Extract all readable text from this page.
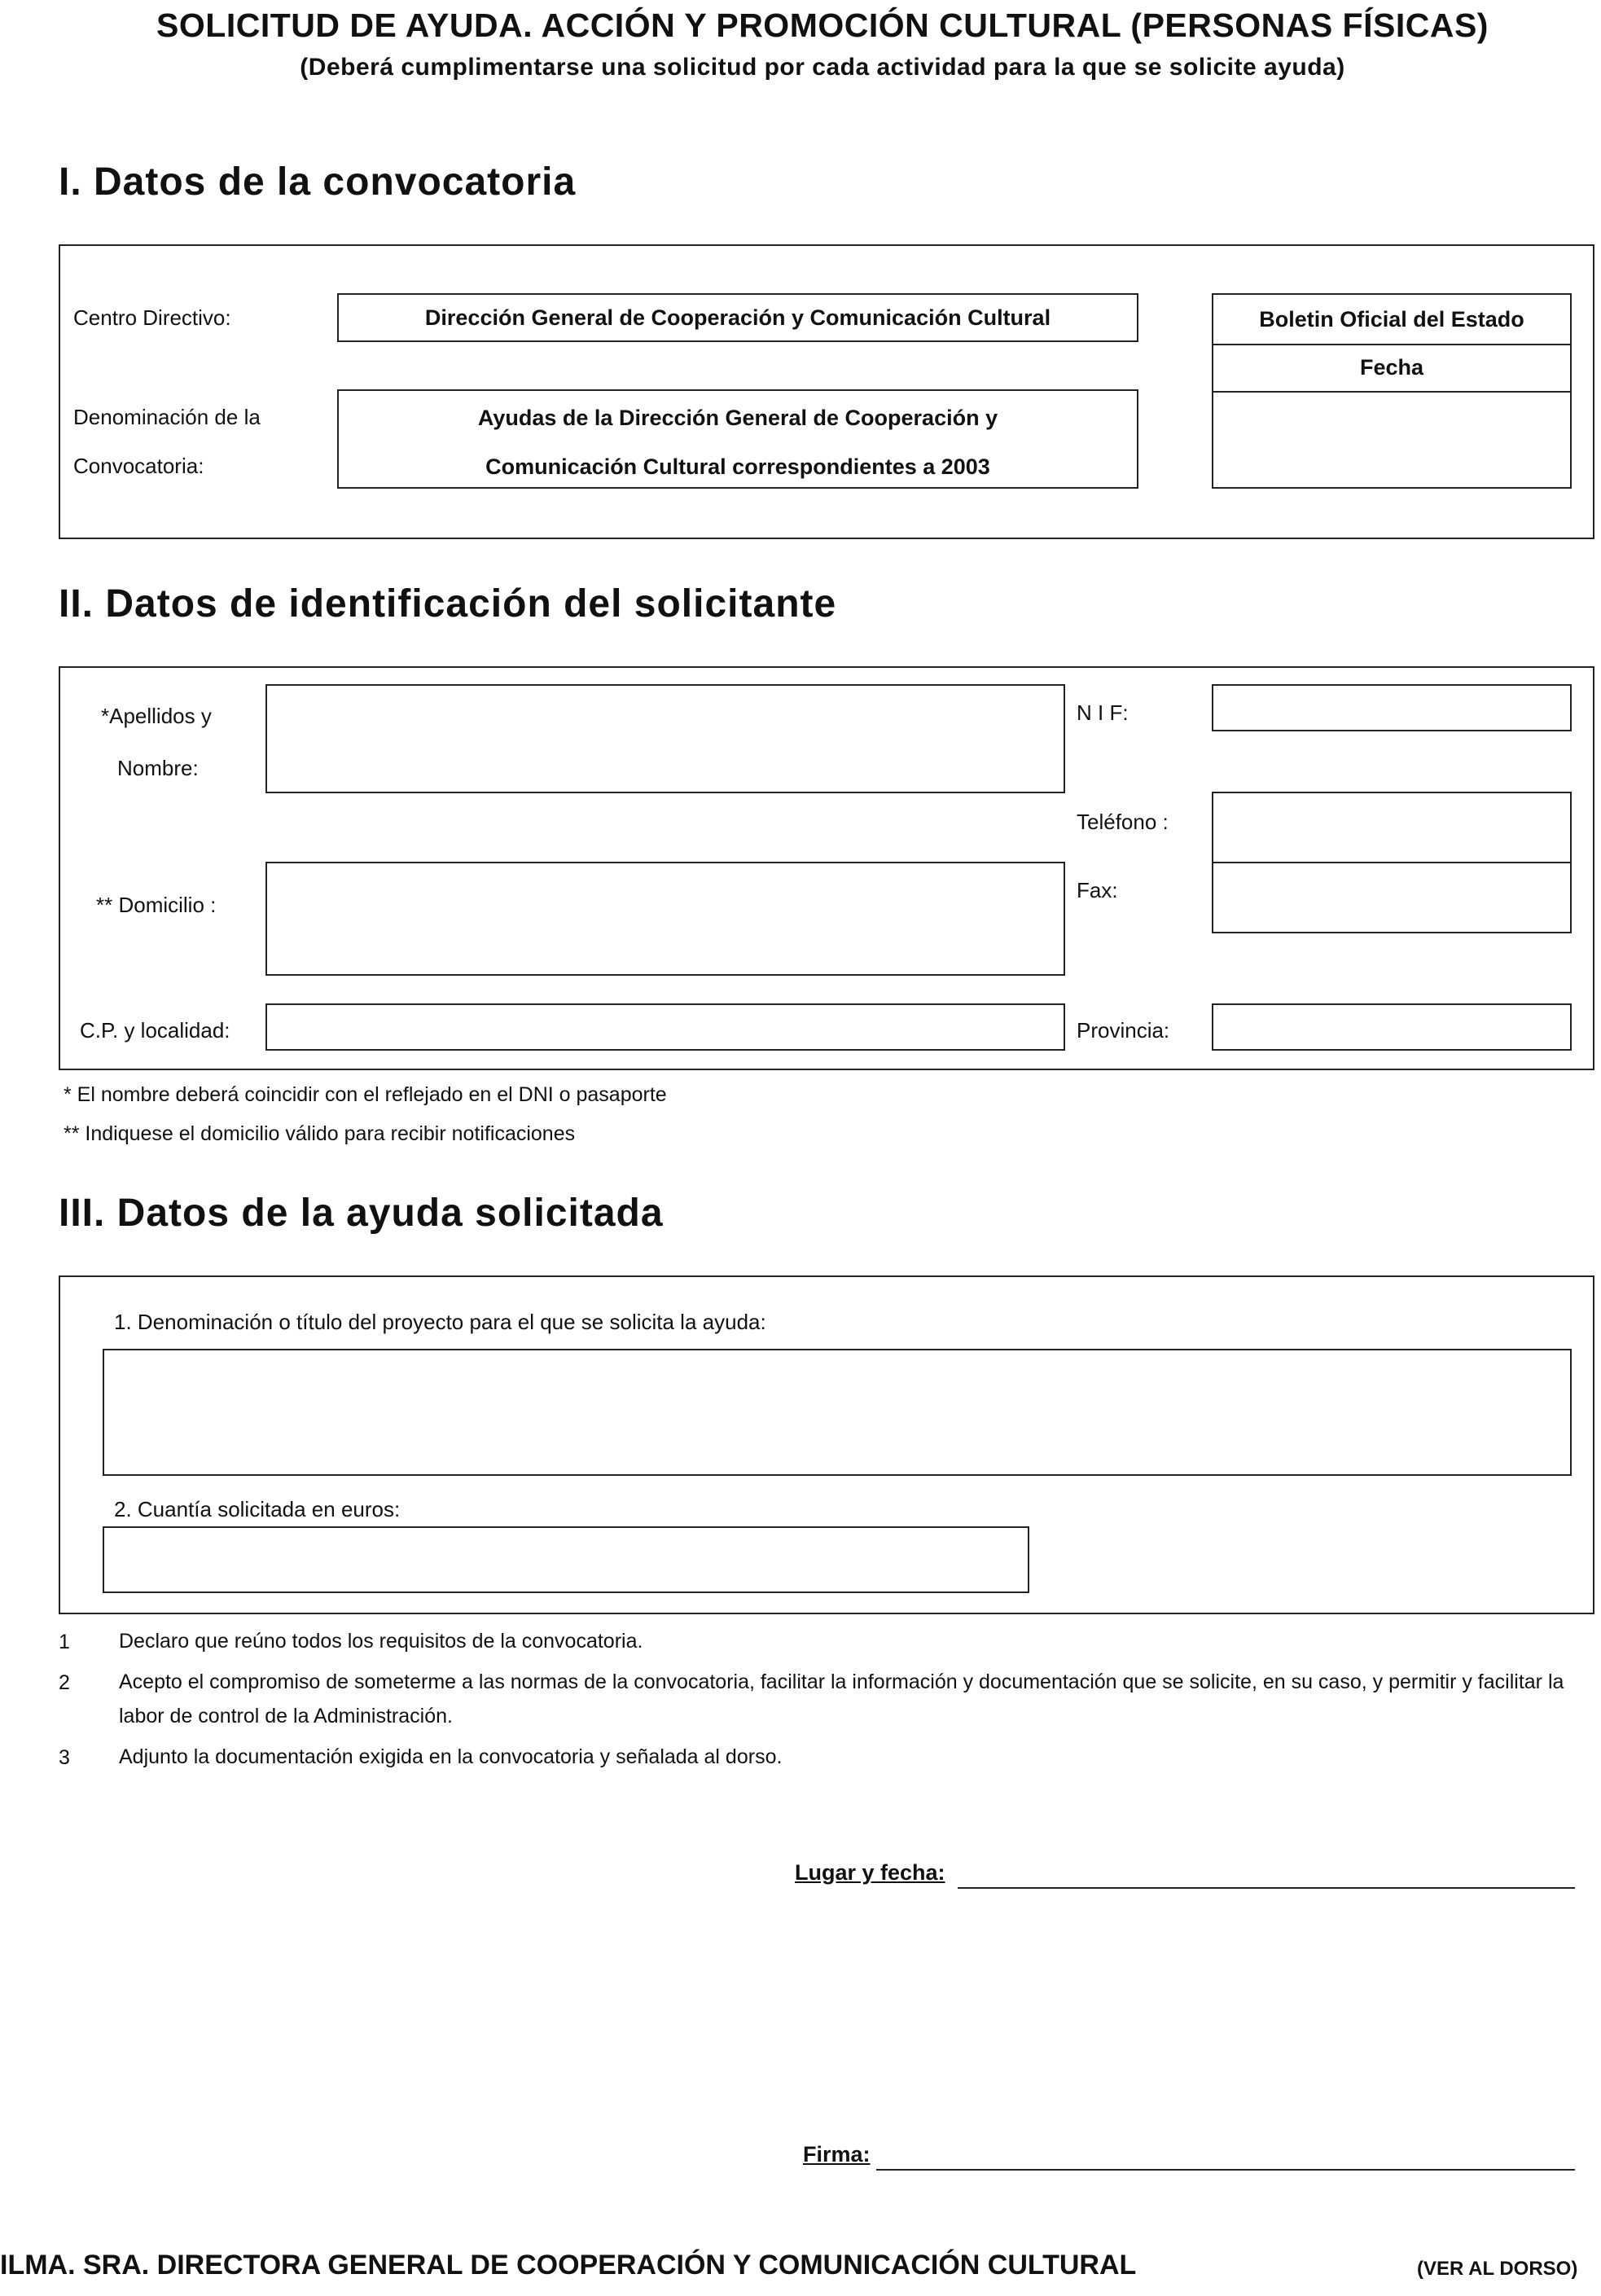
SOLICITUD DE AYUDA. ACCIÓN Y PROMOCIÓN CULTURAL (PERSONAS FÍSICAS)
(Deberá cumplimentarse una solicitud por cada actividad para la que se solicite ayuda)
I. Datos de la convocatoria
Centro Directivo:	Dirección General de Cooperación y Comunicación Cultural
Denominación de la
Convocatoria:
Ayudas de la Dirección General de Cooperación y
Comunicación Cultural correspondientes a 2003
Boletin Oficial del Estado
Fecha
II. Datos de identificación del solicitante
*Apellidos y
Nombre:
N I F:
Teléfono :
** Domicilio :
Fax:
C.P. y localidad:	Provincia:
* El nombre deberá coincidir con el reflejado en el DNI o pasaporte
** Indiquese el domicilio válido para recibir notificaciones
III. Datos de la ayuda solicitada
1. Denominación o título del proyecto para el que se solicita la ayuda:
2. Cuantía solicitada en euros:
1 Declaro que reúno todos los requisitos de la convocatoria.
2 Acepto el compromiso de someterme a las normas de la convocatoria, facilitar la información y documentación que se solicite, en su caso, y permitir y facilitar la labor de control de la Administración.
3 Adjunto la documentación exigida en la convocatoria y señalada al dorso.
Lugar y fecha:
Firma:
ILMA. SRA. DIRECTORA GENERAL DE COOPERACIÓN Y COMUNICACIÓN CULTURAL	(VER AL DORSO)
